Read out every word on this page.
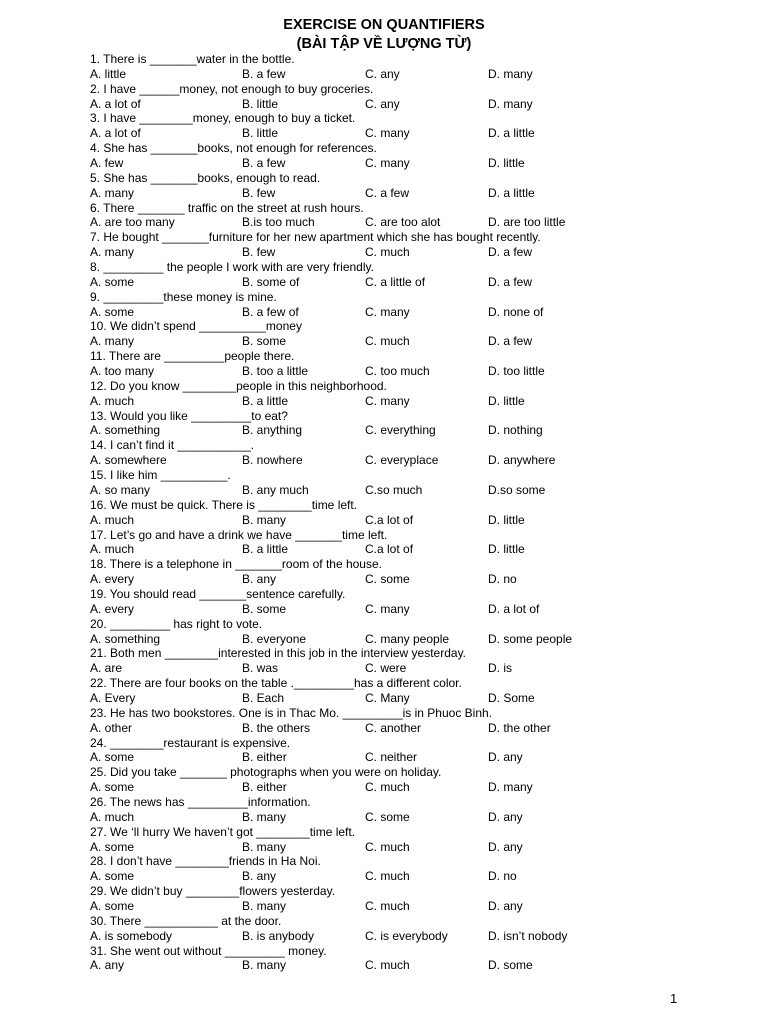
EXERCISE ON QUANTIFIERS
(BÀI TẬP VỀ LƯỢNG TỪ)
1. There is _______water in the bottle.
A. little	B. a few	C. any	D. many
2. I have ______money, not enough to buy groceries.
A. a lot of	B. little	C. any	D. many
3. I have ________money, enough to buy a ticket.
A. a lot of	B. little	C. many	D. a little
4. She has _______books, not enough for references.
A. few	B. a few	C. many	D. little
5. She has _______books, enough to read.
A. many	B. few	C. a few	D. a little
6. There _______ traffic on the street at rush hours.
A. are too many	B.is too much	C. are too alot	D. are too little
7. He bought _______furniture for her new apartment which she has bought recently.
A. many	B. few	C. much	D. a few
8. _________ the people I work with are very friendly.
A. some	B. some of	C. a little of	D. a few
9. _________these money is mine.
A. some	B. a few of	C. many	D. none of
10. We didn’t spend __________money
A. many	B. some	C. much	D. a few
11. There are _________people there.
A. too many	B. too a little	C. too much	D. too little
12. Do you know ________people in this neighborhood.
A. much	B. a little	C. many	D. little
13. Would you like _________to eat?
A. something	B. anything	C. everything	D. nothing
14. I can’t find it ___________.
A. somewhere	B. nowhere	C. everyplace	D. anywhere
15. I like him __________.
A. so many	B. any much	C.so much	D.so some
16. We must be quick. There is ________time left.
A. much	B. many	C.a lot of	D. little
17. Let’s go and have a drink we have _______time left.
A. much	B. a little	C.a lot of	D. little
18. There is a telephone in _______room of the house.
A. every	B. any	C. some	D. no
19. You should read _______sentence carefully.
A. every	B. some	C. many	D. a lot of
20. _________ has right to vote.
A. something	B. everyone	C. many people	D. some people
21. Both men ________interested in this job in the interview yesterday.
A. are	B. was	C. were	D. is
22. There are four books on the table ._________has a different color.
A. Every	B. Each	C. Many	D. Some
23. He has two bookstores. One is in Thac Mo. _________is in Phuoc Binh.
A. other	B. the others	C. another	D. the other
24. ________restaurant is expensive.
A. some	B. either	C. neither	D. any
25. Did you take _______ photographs when you were on holiday.
A. some	B. either	C. much	D. many
26. The news has _________information.
A. much	B. many	C. some	D. any
27. We ‘ll hurry We haven’t got ________time left.
A. some	B. many	C. much	D. any
28. I don’t have ________friends in Ha Noi.
A. some	B. any	C. much	D. no
29. We didn’t buy ________flowers yesterday.
A. some	B. many	C. much	D. any
30. There ___________ at the door.
A. is somebody	B. is anybody	C. is everybody	D. isn’t nobody
31. She went out without _________ money.
A. any	B. many	C. much	D. some
1
